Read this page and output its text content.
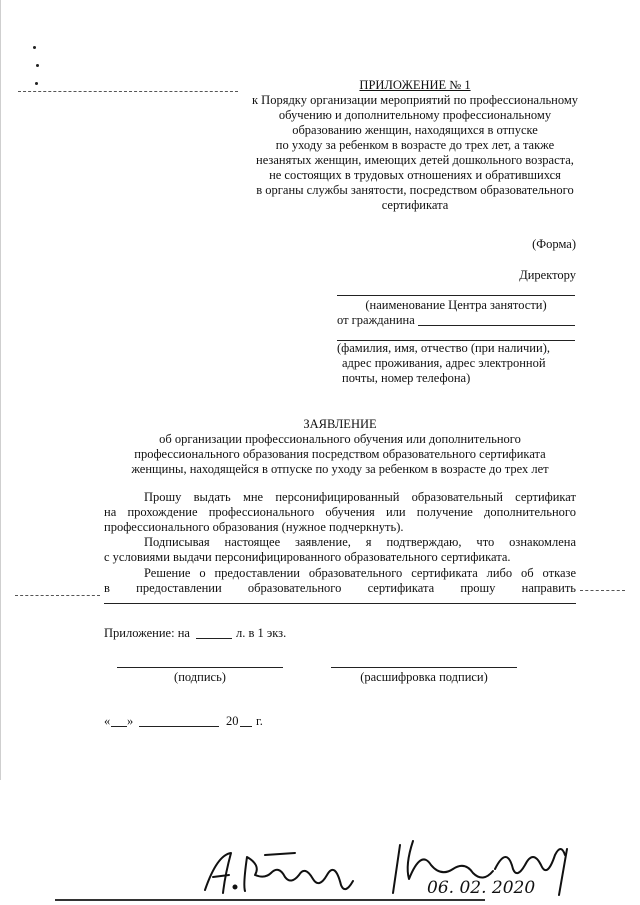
ПРИЛОЖЕНИЕ № 1
к Порядку организации мероприятий по профессиональному
обучению и дополнительному профессиональному
образованию женщин, находящихся в отпуске
по уходу за ребенком в возрасте до трех лет, а также
незанятых женщин, имеющих детей дошкольного возраста,
не состоящих в трудовых отношениях и обратившихся
в органы службы занятости, посредством образовательного
сертификата
(Форма)
Директору
(наименование Центра занятости)
от гражданина
(фамилия, имя, отчество (при наличии),
адрес проживания, адрес электронной
почты, номер телефона)
ЗАЯВЛЕНИЕ
об организации профессионального обучения или дополнительного
профессионального образования посредством образовательного сертификата
женщины, находящейся в отпуске по уходу за ребенком в возрасте до трех лет
Прошу выдать мне персонифицированный образовательный сертификат
на прохождение профессионального обучения или получение дополнительного
профессионального образования (нужное подчеркнуть).
Подписывая настоящее заявление, я подтверждаю, что ознакомлена
с условиями выдачи персонифицированного образовательного сертификата.
Решение о предоставлении образовательного сертификата либо об отказе
в предоставлении образовательного сертификата прошу направить
Приложение: на	л. в 1 экз.
(подпись)	(расшифровка подписи)
« »	20 г.
06. 02. 2020
